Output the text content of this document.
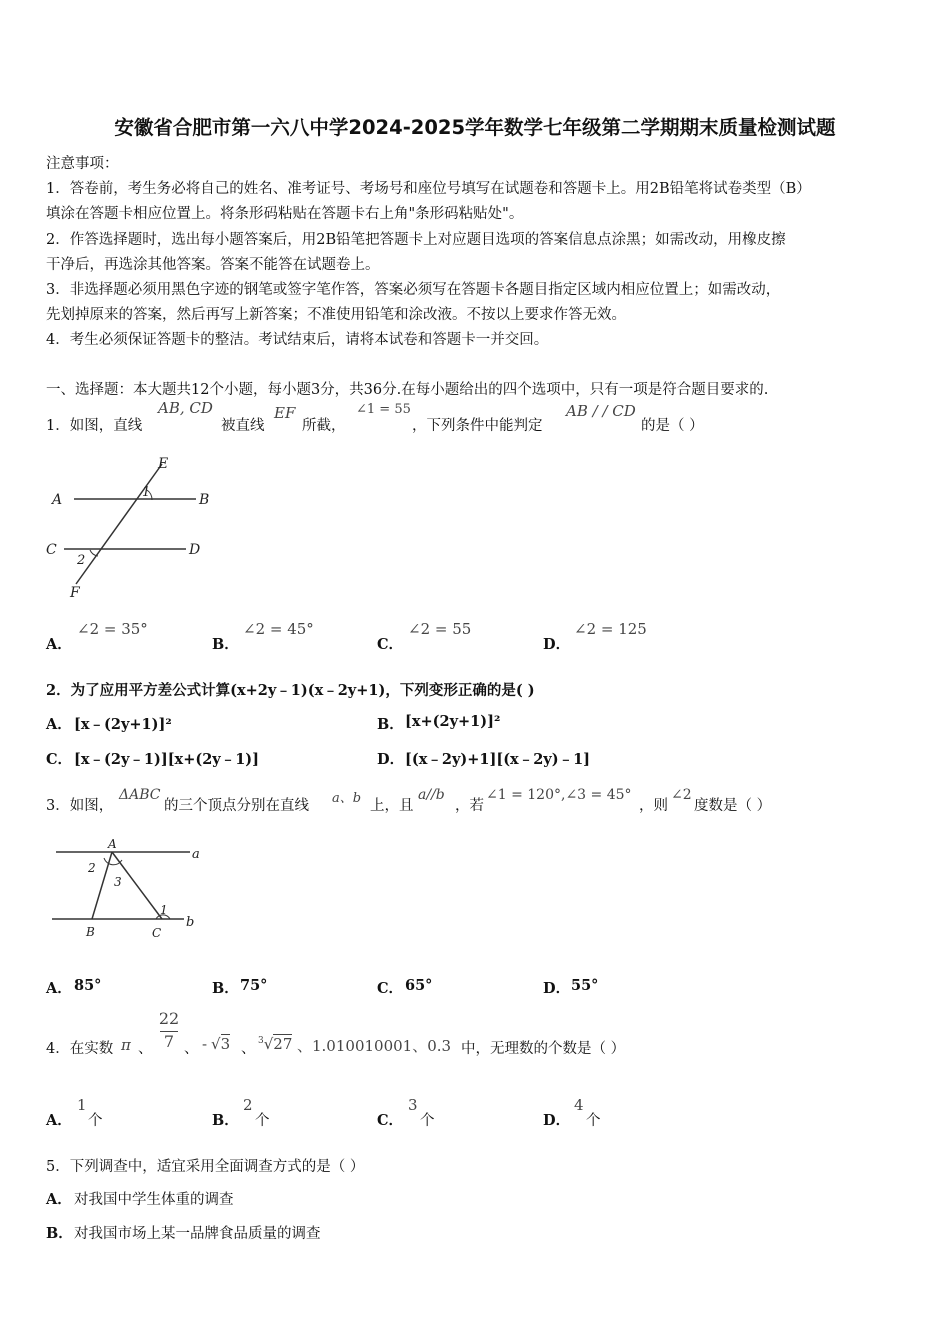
安徽省合肥市第一六八中学2024-2025学年数学七年级第二学期期末质量检测试题
注意事项：
1．答卷前，考生务必将自己的姓名、准考证号、考场号和座位号填写在试题卷和答题卡上。用2B铅笔将试卷类型（B）
填涂在答题卡相应位置上。将条形码粘贴在答题卡右上角"条形码粘贴处"。
2．作答选择题时，选出每小题答案后，用2B铅笔把答题卡上对应题目选项的答案信息点涂黑；如需改动，用橡皮擦
干净后，再选涂其他答案。答案不能答在试题卷上。
3．非选择题必须用黑色字迹的钢笔或签字笔作答，答案必须写在答题卡各题目指定区域内相应位置上；如需改动，
先划掉原来的答案，然后再写上新答案；不准使用铅笔和涂改液。不按以上要求作答无效。
4．考生必须保证答题卡的整洁。考试结束后，请将本试卷和答题卡一并交回。
一、选择题：本大题共12个小题，每小题3分，共36分.在每小题给出的四个选项中，只有一项是符合题目要求的.
1．如图，直线
AB, CD
被直线
EF
所截，
∠1 = 55
，下列条件中能判定
AB / / CD
的是（ ）
E
A	B
C	D
F
1
2
A．
∠2 = 35°
B．
∠2 = 45°
C．
∠2 = 55
D．
∠2 = 125
2．为了应用平方差公式计算(x+2y﹣1)(x﹣2y+1)，下列变形正确的是( )
A． [x﹣(2y+1)]²	B． [x+(2y+1)]²
C． [x﹣(2y﹣1)][x+(2y﹣1)]	D． [(x﹣2y)+1][(x﹣2y)﹣1]
3．如图，
ΔABC
的三个顶点分别在直线 a、b 上，且
a//b
，若
∠1 = 120°,∠3 = 45°
，则
∠2
度数是（ ）
A
a
b
B	C
1
2
3
A． 85°	B． 75°	C． 65°	D． 55°
4．在实数 π 、
22
7 、 - √3 、 $^3$√27 、1.010010001、0.3 中，无理数的个数是（ ）
A．
1
个	B．
2
个	C．
3
个	D．
4
个
5．下列调查中，适宜采用全面调查方式的是（ ）
A． 对我国中学生体重的调查
B． 对我国市场上某一品牌食品质量的调查
